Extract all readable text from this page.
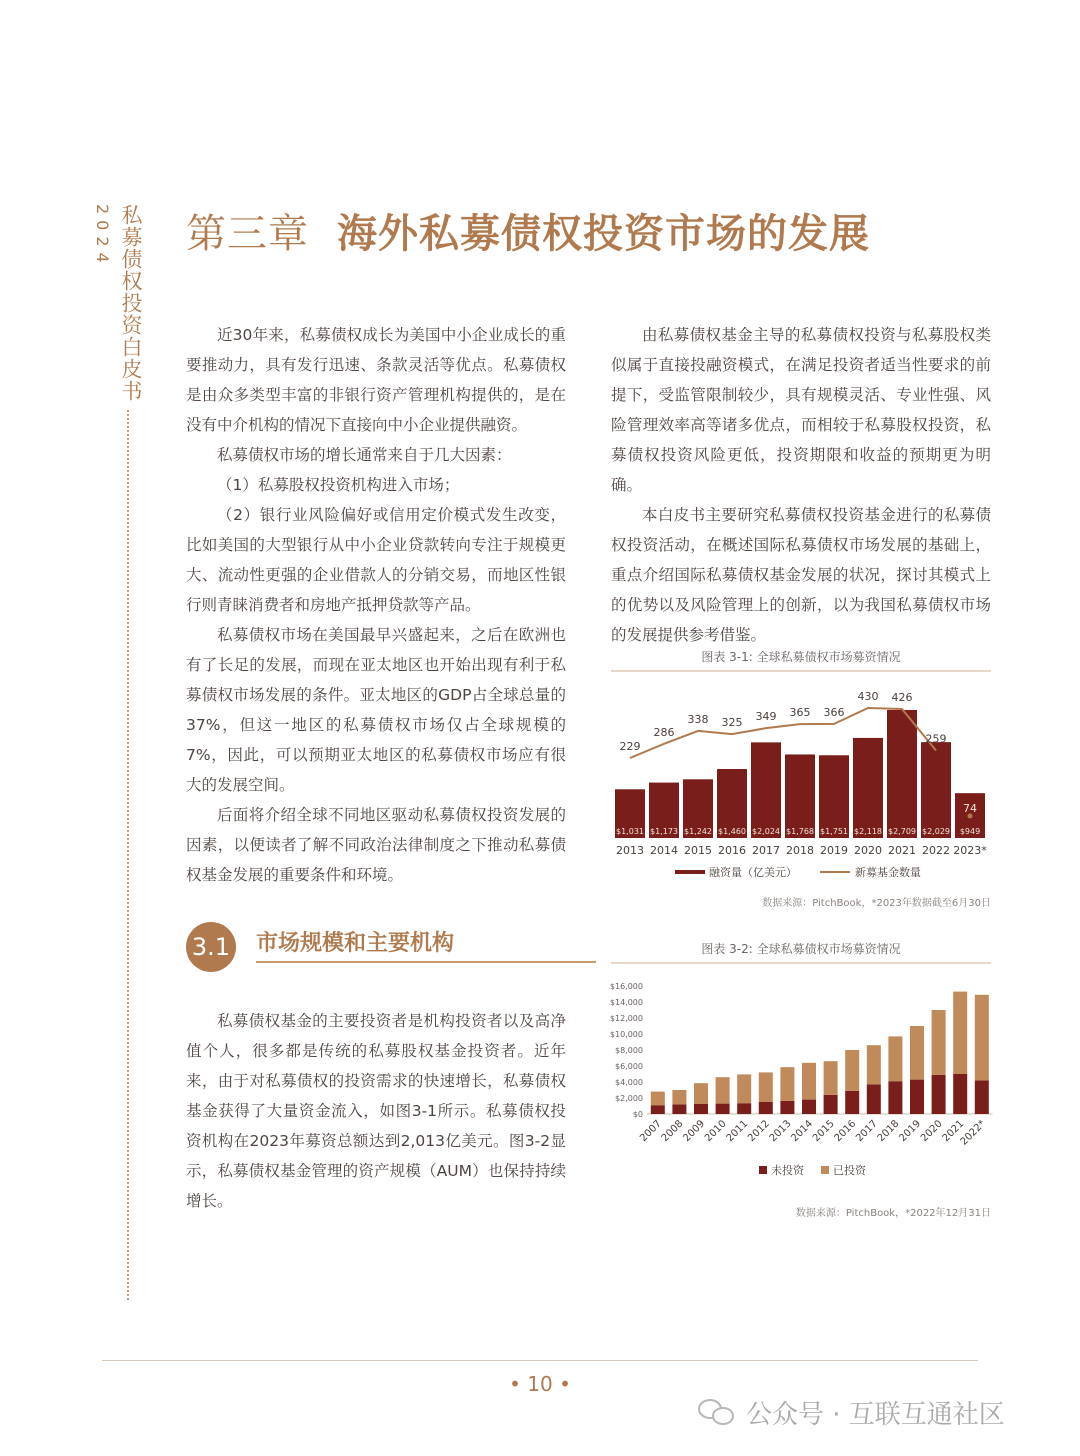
私募债权投资白皮书
2024 第三章 海外私募债权投资市场的发展

近30年来，私募债权成长为美国中小企业成长的重要推动力，具有发行迅速、条款灵活等优点。私募债权是由众多类型丰富的非银行资产管理机构提供的，是在没有中介机构的情况下直接向中小企业提供融资。

私募债权市场的增长通常来自于几大因素：

（1）私募股权投资机构进入市场；

（2）银行业风险偏好或信用定价模式发生改变，比如美国的大型银行从中小企业贷款转向专注于规模更大、流动性更强的企业借款人的分销交易，而地区性银行则青睐消费者和房地产抵押贷款等产品。

私募债权市场在美国最早兴盛起来，之后在欧洲也有了长足的发展，而现在亚太地区也开始出现有利于私募债权市场发展的条件。亚太地区的GDP占全球总量的37%，但这一地区的私募债权市场仅占全球规模的7%，因此，可以预期亚太地区的私募债权市场应有很大的发展空间。

后面将介绍全球不同地区驱动私募债权投资发展的因素，以便读者了解不同政治法律制度之下推动私募债权基金发展的重要条件和环境。

由私募债权基金主导的私募债权投资与私募股权类似属于直接投融资模式，在满足投资者适当性要求的前提下，受监管限制较少，具有规模灵活、专业性强、风险管理效率高等诸多优点，而相较于私募股权投资，私募债权投资风险更低，投资期限和收益的预期更为明确。

本白皮书主要研究私募债权投资基金进行的私募债权投资活动，在概述国际私募债权市场发展的基础上，重点介绍国际私募债权基金发展的状况，探讨其模式上的优势以及风险管理上的创新，以为我国私募债权市场的发展提供参考借鉴。

图表 3-1: 全球私募债权市场募资情况
$1,031
2013
$1,173
2014
$1,242
2015
$1,460
2016
$2,024
2017
$1,768
2018
$1,751
2019
$2,118
2020
$2,709
2021
$2,029
2022
$949
2023*
229
286
338 325 349 365 366
430 426
259
74
融资量（亿美元）	新募基金数量
数据来源：PitchBook，*2023年数据截至6月30日
3.1 市场规模和主要机构

私募债权基金的主要投资者是机构投资者以及高净值个人，很多都是传统的私募股权基金投资者。近年来，由于对私募债权的投资需求的快速增长，私募债权基金获得了大量资金流入，如图3-1所示。私募债权投资机构在2023年募资总额达到2,013亿美元。图3-2显示，私募债权基金管理的资产规模（AUM）也保持持续增长。

图表 3-2: 全球私募债权市场募资情况
$16,000
$14,000
$12,000
$10,000
$8,000
$6,000
$4,000
$2,000
$0
2007
2008
2009
2010
2011
2012
2013
2014
2015
2016
2017
2018
2019
2020
2021
2022*
未投资	已投资
数据来源：PitchBook，*2022年12月31日
• 10 •
公众号 · 互联互通社区
